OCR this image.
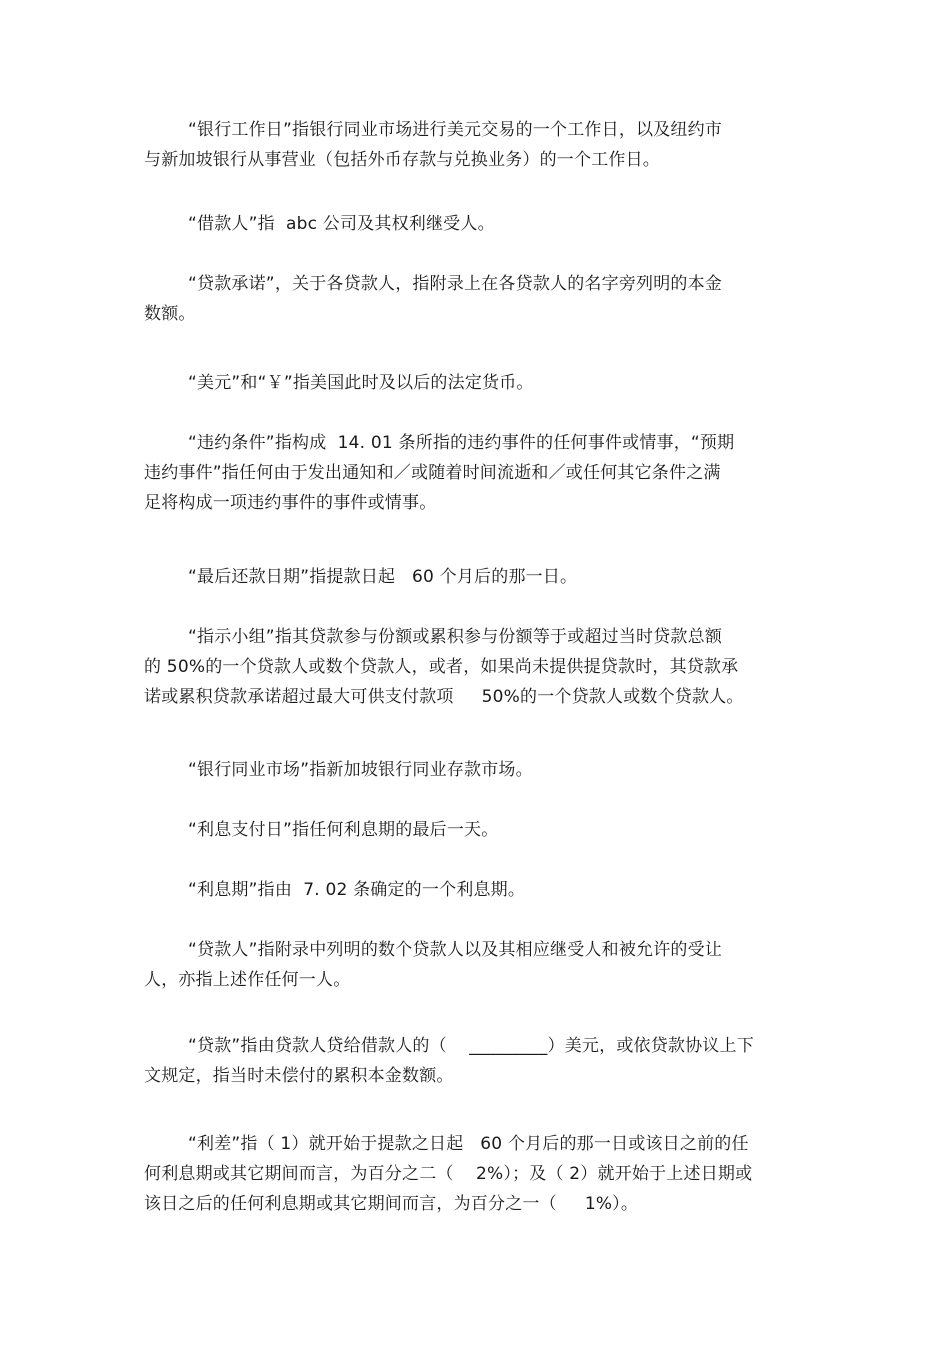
“银行工作日”指银行同业市场进行美元交易的一个工作日，以及纽约市
与新加坡银行从事营业（包括外币存款与兑换业务）的一个工作日。
“借款人”指  abc 公司及其权利继受人。
“贷款承诺”，关于各贷款人，指附录上在各贷款人的名字旁列明的本金
数额。
“美元”和“￥”指美国此时及以后的法定货币。
“违约条件”指构成  14. 01 条所指的违约事件的任何事件或情事，“预期
违约事件”指任何由于发出通知和／或随着时间流逝和／或任何其它条件之满
足将构成一项违约事件的事件或情事。
“最后还款日期”指提款日起   60 个月后的那一日。
“指示小组”指其贷款参与份额或累积参与份额等于或超过当时贷款总额
的 50%的一个贷款人或数个贷款人，或者，如果尚未提供提贷款时，其贷款承
诺或累积贷款承诺超过最大可供支付款项     50%的一个贷款人或数个贷款人。
“银行同业市场”指新加坡银行同业存款市场。
“利息支付日”指任何利息期的最后一天。
“利息期”指由  7. 02 条确定的一个利息期。
“贷款人”指附录中列明的数个贷款人以及其相应继受人和被允许的受让
人，亦指上述作任何一人。
“贷款”指由贷款人贷给借款人的（    _________）美元，或依贷款协议上下
文规定，指当时未偿付的累积本金数额。
“利差”指（ 1）就开始于提款之日起   60 个月后的那一日或该日之前的任
何利息期或其它期间而言，为百分之二（    2%）；及（ 2）就开始于上述日期或
该日之后的任何利息期或其它期间而言，为百分之一（     1%）。
